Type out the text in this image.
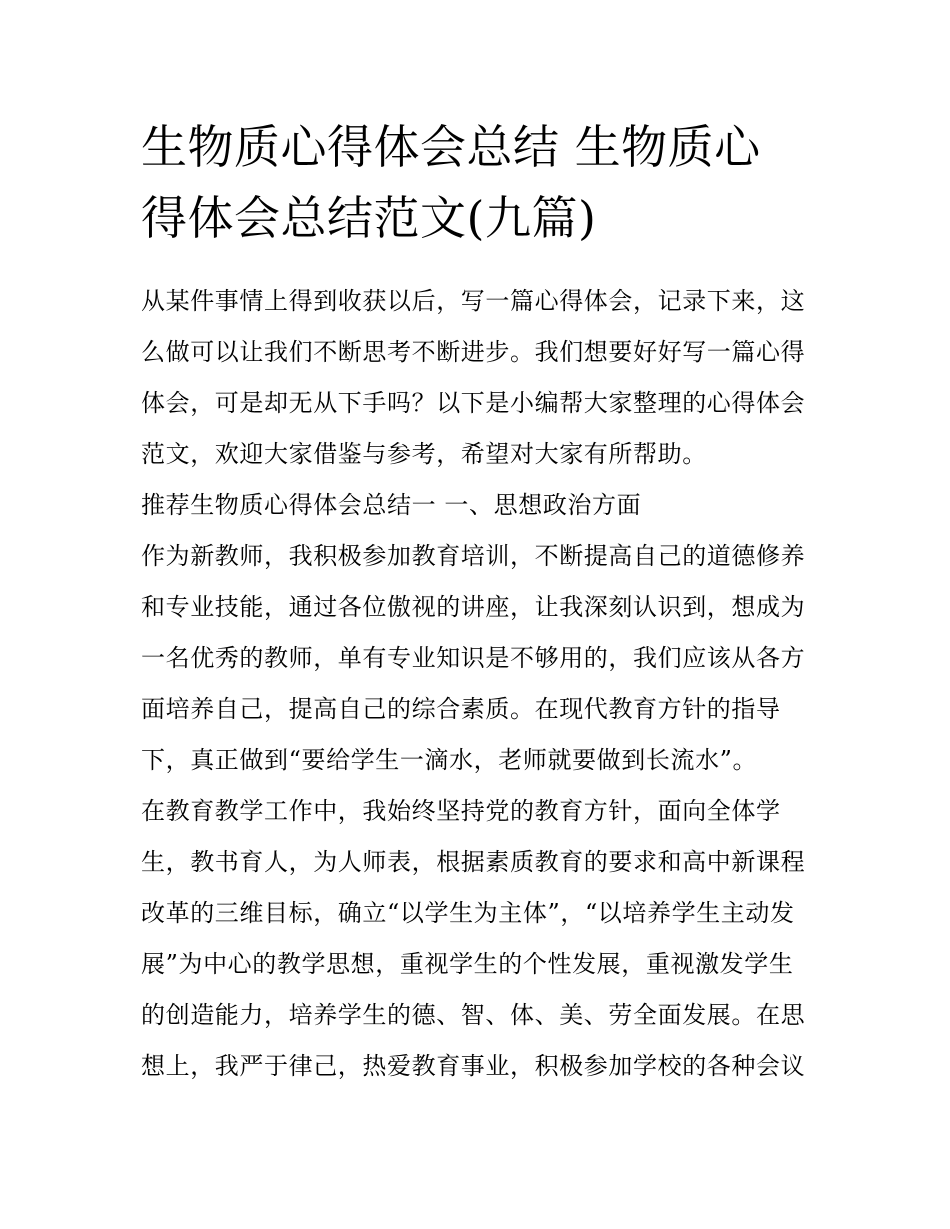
生物质心得体会总结 生物质心
得体会总结范文(九篇)
从某件事情上得到收获以后，写一篇心得体会，记录下来，这
么做可以让我们不断思考不断进步。我们想要好好写一篇心得
体会，可是却无从下手吗？以下是小编帮大家整理的心得体会
范文，欢迎大家借鉴与参考，希望对大家有所帮助。
推荐生物质心得体会总结一 一、思想政治方面
作为新教师，我积极参加教育培训，不断提高自己的道德修养
和专业技能，通过各位傲视的讲座，让我深刻认识到，想成为
一名优秀的教师，单有专业知识是不够用的，我们应该从各方
面培养自己，提高自己的综合素质。在现代教育方针的指导
下，真正做到“要给学生一滴水，老师就要做到长流水”。
在教育教学工作中，我始终坚持党的教育方针，面向全体学
生，教书育人，为人师表，根据素质教育的要求和高中新课程
改革的三维目标，确立“以学生为主体”，“以培养学生主动发
展”为中心的教学思想，重视学生的个性发展，重视激发学生
的创造能力，培养学生的德、智、体、美、劳全面发展。在思
想上，我严于律己，热爱教育事业，积极参加学校的各种会议
